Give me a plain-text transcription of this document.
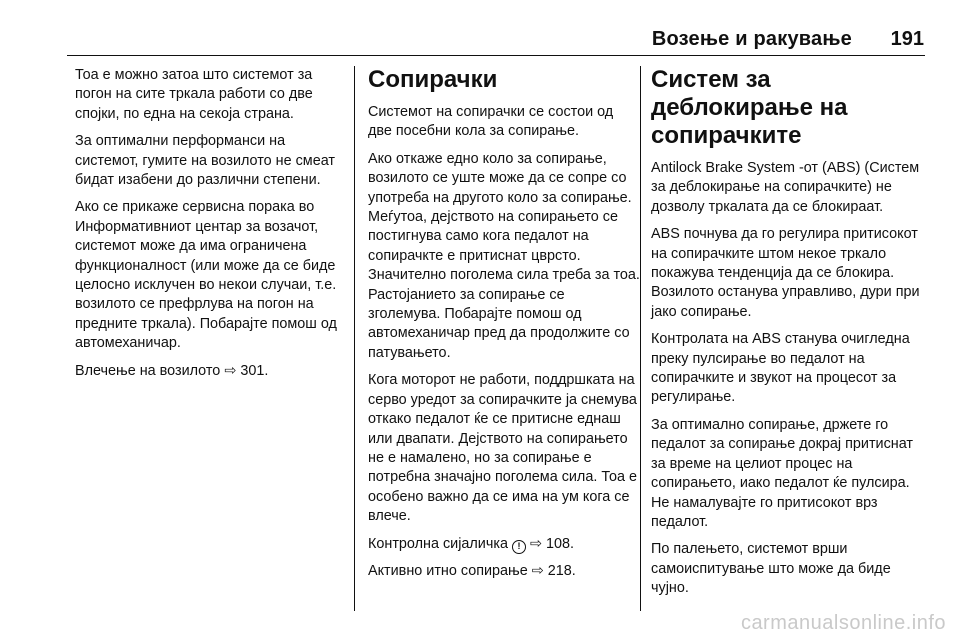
Возење и ракување 191

Тоа е можно затоа што системот за погон на сите тркала работи со две спојки, по една на секоја страна.

За оптимални перформанси на системот, гумите на возилото не смеат бидат изабени до различни степени.

Ако се прикаже сервисна порака во Информативниот центар за возачот, системот може да има ограничена функционалност (или може да се биде целосно исклучен во некои случаи, т.е. возилото се префрлува на погон на предните тркала). Побарајте помош од автомеханичар.

Влечење на возилото ⇨ 301.

Сопирачки

Системот на сопирачки се состои од две посебни кола за сопирање.

Ако откаже едно коло за сопирање, возилото се уште може да се сопре со употреба на другото коло за сопирање. Меѓутоа, дејството на сопирањето се постигнува само кога педалот на сопирачкте е притиснат цврсто. Значително поголема сила треба за тоа. Растојанието за сопирање се зголемува. Побарајте помош од автомеханичар пред да продолжите со патувањето.

Кога моторот не работи, поддршката на серво уредот за сопирачките ја снемува откако педалот ќе се притисне еднаш или двапати. Дејството на сопирањето не е намалено, но за сопирање е потребна значајно поголема сила. Тоа е особено важно да се има на ум кога се влече.

Контролна сијаличка ! ⇨ 108.

Активно итно сопирање ⇨ 218.

Систем за деблокирање на сопирачките

Antilock Brake System -от (ABS) (Систем за деблокирање на сопирачките) не дозволу тркалата да се блокираат.

ABS почнува да го регулира притисокот на сопирачките штом некое тркало покажува тенденција да се блокира. Возилото останува управливо, дури при јако сопирање.

Контролата на ABS станува очигледна преку пулсирање во педалот на сопирачките и звукот на процесот за регулирање.

За оптимално сопирање, држете го педалот за сопирање докрај притиснат за време на целиот процес на сопирањето, иако педалот ќе пулсира. Не намалувајте го притисокот врз педалот.

По палењето, системот врши самоиспитување што може да биде чујно.

carmanualsonline.info
